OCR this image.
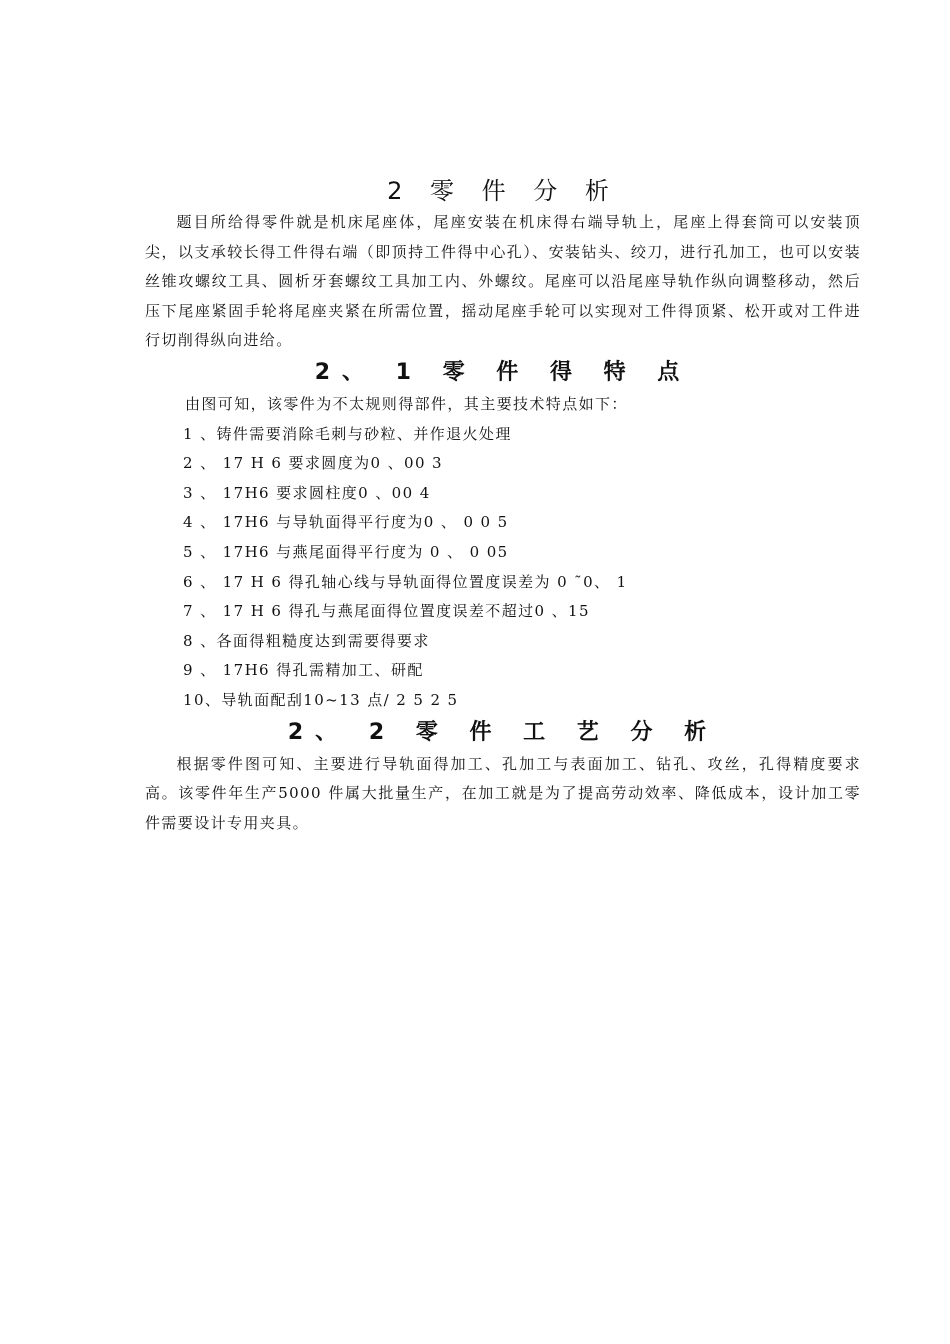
2 零 件 分 析

题目所给得零件就是机床尾座体，尾座安装在机床得右端导轨上，尾座上得套筒可以安装顶尖，以支承较长得工件得右端（即顶持工件得中心孔）、安装钻头、绞刀，进行孔加工，也可以安装丝锥攻螺纹工具、圆析牙套螺纹工具加工内、外螺纹。尾座可以沿尾座导轨作纵向调整移动，然后压下尾座紧固手轮将尾座夹紧在所需位置，摇动尾座手轮可以实现对工件得顶紧、松开或对工件进行切削得纵向进给。

2、 1 零 件 得 特 点

由图可知，该零件为不太规则得部件，其主要技术特点如下：

1 、铸件需要消除毛刺与砂粒、并作退火处理
2 、 17 H 6 要求圆度为0 、00 3
3 、 17H6 要求圆柱度0 、00 4
4 、 17H6 与导轨面得平行度为0 、 0 0 5
5 、 17H6 与燕尾面得平行度为 0 、 0 05
6 、 17 H 6 得孔轴心线与导轨面得位置度误差为 0 ˜0、 1
7 、 17 H 6 得孔与燕尾面得位置度误差不超过0 、15
8 、各面得粗糙度达到需要得要求
9 、 17H6 得孔需精加工、研配
10、导轨面配刮10~13 点/ 2 5 2 5
2、 2 零 件 工 艺 分 析

根据零件图可知、主要进行导轨面得加工、孔加工与表面加工、钻孔、攻丝，孔得精度要求高。该零件年生产5000 件属大批量生产，在加工就是为了提高劳动效率、降低成本，设计加工零件需要设计专用夹具。
